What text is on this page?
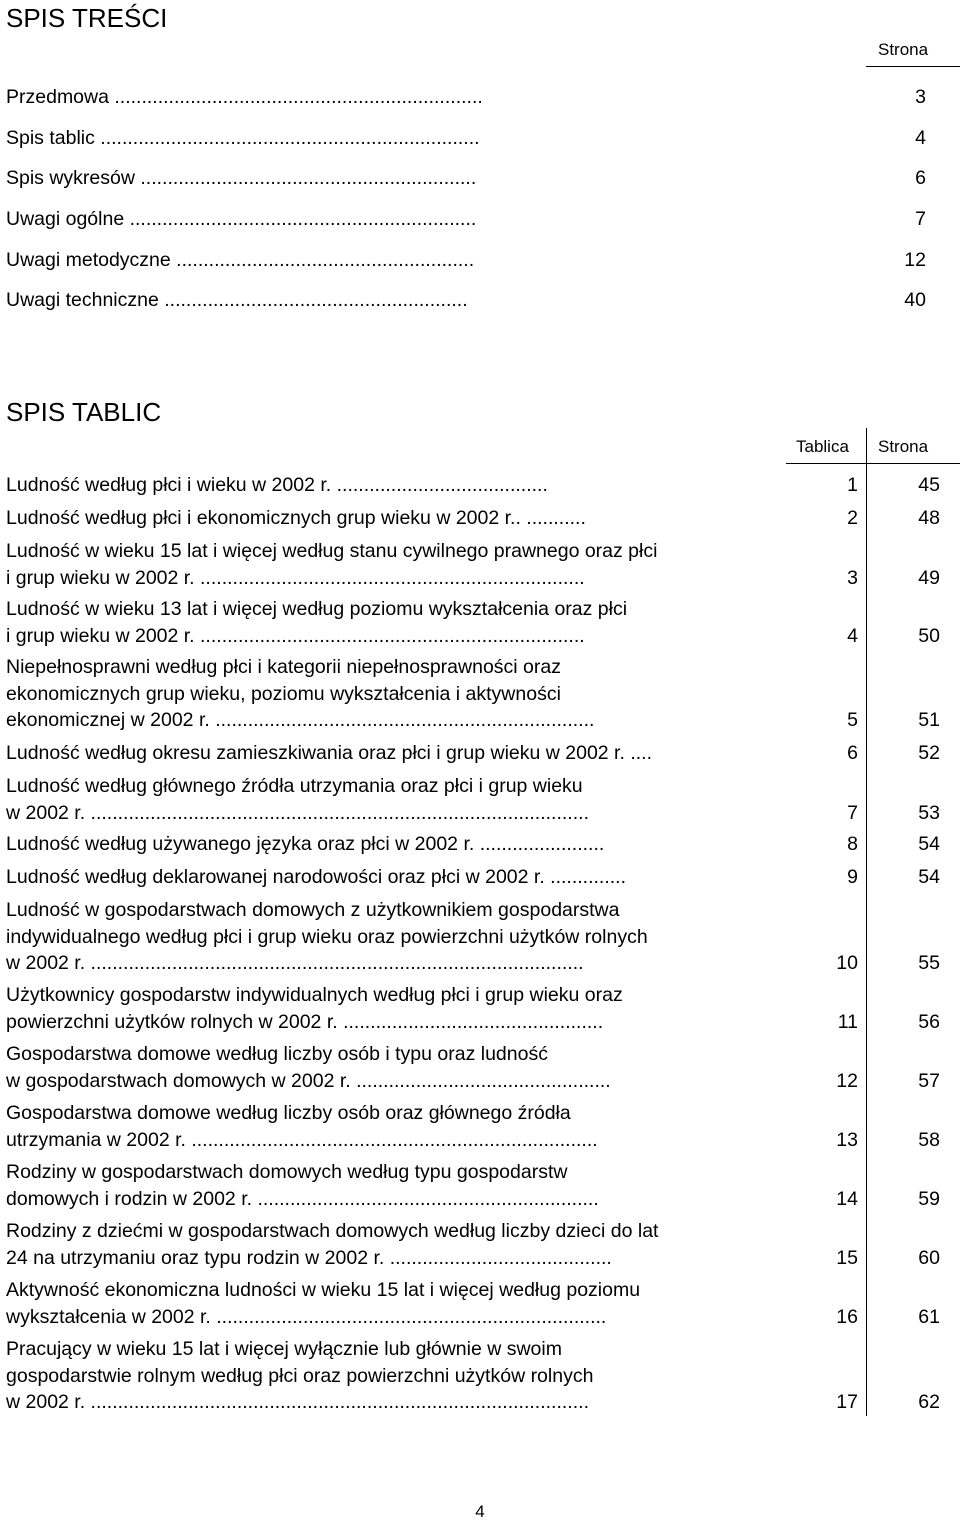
SPIS TREŚCI
Strona
Przedmowa ....................................................................	3
Spis tablic ......................................................................	4
Spis wykresów ..............................................................	6
Uwagi ogólne ................................................................	7
Uwagi metodyczne .......................................................	12
Uwagi techniczne ........................................................	40
SPIS TABLIC
Tablica Strona
Ludność według płci i wieku w 2002 r. .......................................	1	45
Ludność według płci i ekonomicznych grup wieku w 2002 r.. ...........	2	48
Ludność w wieku 15 lat i więcej według stanu cywilnego prawnego oraz płci
i grup wieku w 2002 r. .......................................................................	3	49
Ludność w wieku 13 lat i więcej według poziomu wykształcenia oraz płci
i grup wieku w 2002 r. .......................................................................	4	50
Niepełnosprawni według płci i kategorii niepełnosprawności oraz
ekonomicznych grup wieku, poziomu wykształcenia i aktywności
ekonomicznej w 2002 r. ......................................................................	5	51
Ludność według okresu zamieszkiwania oraz płci i grup wieku w 2002 r. ....	6	52
Ludność według głównego źródła utrzymania oraz płci i grup wieku
w 2002 r. ............................................................................................	7	53
Ludność według używanego języka oraz płci w 2002 r. .......................	8	54
Ludność według deklarowanej narodowości oraz płci w 2002 r. ..............	9	54
Ludność w gospodarstwach domowych z użytkownikiem gospodarstwa
indywidualnego według płci i grup wieku oraz powierzchni użytków rolnych
w 2002 r. ...........................................................................................	10	55
Użytkownicy gospodarstw indywidualnych według płci i grup wieku oraz
powierzchni użytków rolnych w 2002 r. ................................................	11	56
Gospodarstwa domowe według liczby osób i typu oraz ludność
w gospodarstwach domowych w 2002 r. ...............................................	12	57
Gospodarstwa domowe według liczby osób oraz głównego źródła
utrzymania w 2002 r. ...........................................................................	13	58
Rodziny w gospodarstwach domowych według typu gospodarstw
domowych i rodzin w 2002 r. ...............................................................	14	59
Rodziny z dziećmi w gospodarstwach domowych według liczby dzieci do lat
24 na utrzymaniu oraz typu rodzin w 2002 r. .........................................	15	60
Aktywność ekonomiczna ludności w wieku 15 lat i więcej według poziomu
wykształcenia w 2002 r. ........................................................................	16	61
Pracujący w wieku 15 lat i więcej wyłącznie lub głównie w swoim
gospodarstwie rolnym według płci oraz powierzchni użytków rolnych
w 2002 r. ............................................................................................	17	62
4
